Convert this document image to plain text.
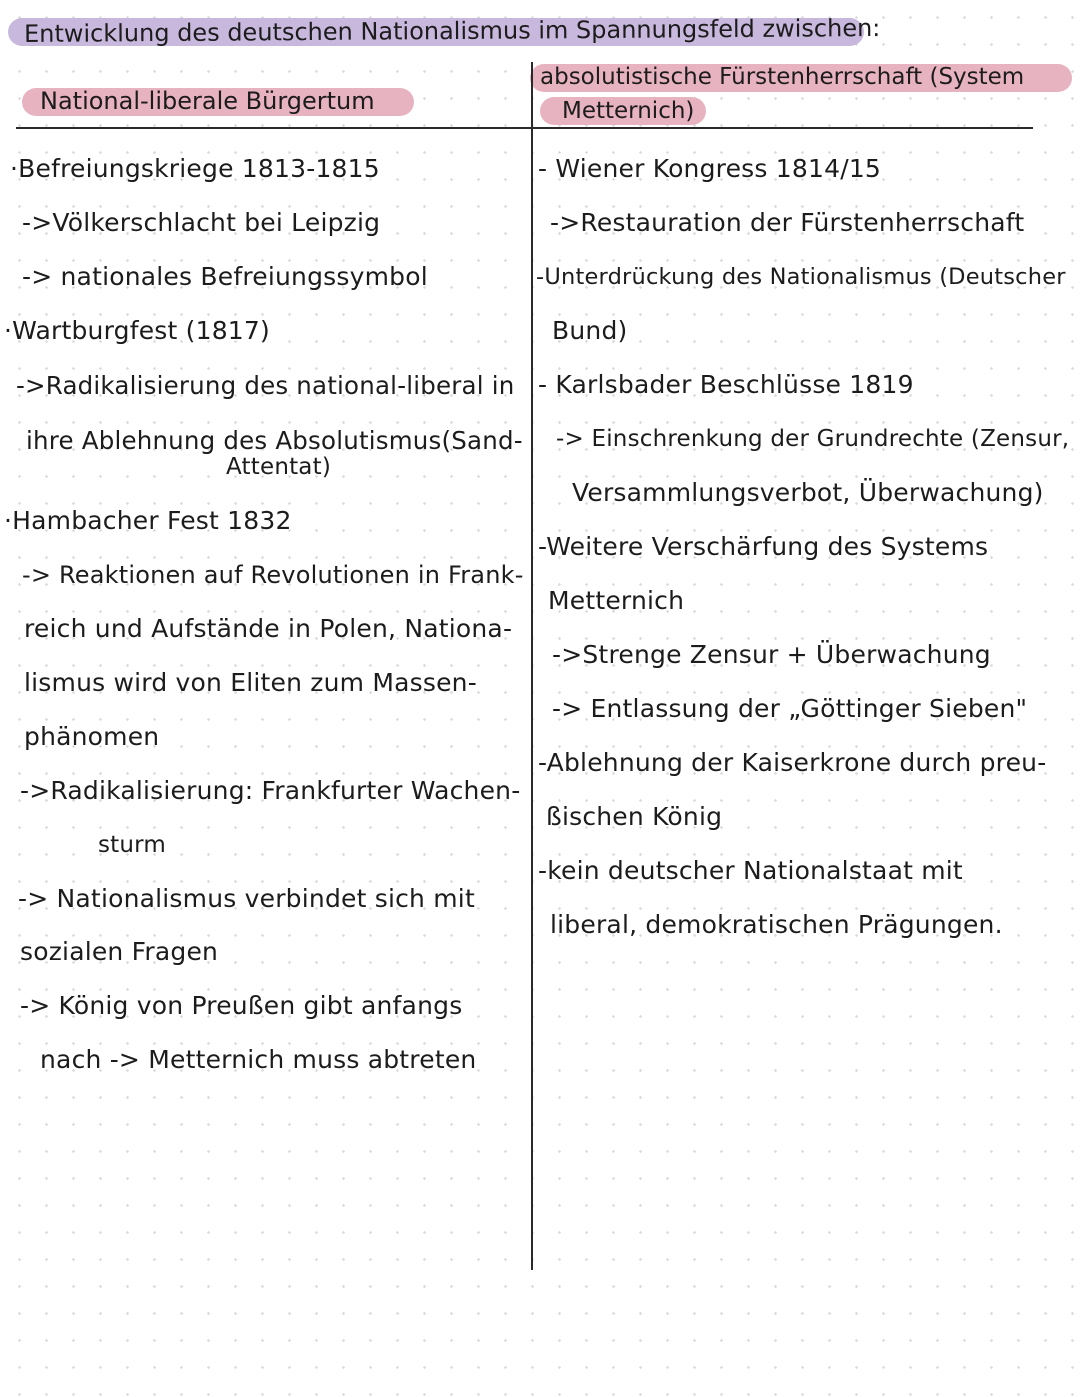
Entwicklung des deutschen Nationalismus im Spannungsfeld zwischen:
National-liberale Bürgertum
absolutistische Fürstenherrschaft (System
Metternich)
·Befreiungskriege 1813-1815
->Völkerschlacht bei Leipzig
-> nationales Befreiungssymbol
·Wartburgfest (1817)
->Radikalisierung des national-liberal in
ihre Ablehnung des Absolutismus(Sand-
Attentat)
·Hambacher Fest 1832
-> Reaktionen auf Revolutionen in Frank-
reich und Aufstände in Polen, Nationa-
lismus wird von Eliten zum Massen-
phänomen
->Radikalisierung: Frankfurter Wachen-
sturm
-> Nationalismus verbindet sich mit
sozialen Fragen
-> König von Preußen gibt anfangs
nach -> Metternich muss abtreten
- Wiener Kongress 1814/15
->Restauration der Fürstenherrschaft
-Unterdrückung des Nationalismus (Deutscher
Bund)
- Karlsbader Beschlüsse 1819
-> Einschrenkung der Grundrechte (Zensur,
Versammlungsverbot, Überwachung)
-Weitere Verschärfung des Systems
Metternich
->Strenge Zensur + Überwachung
-> Entlassung der „Göttinger Sieben"
-Ablehnung der Kaiserkrone durch preu-
ßischen König
-kein deutscher Nationalstaat mit
liberal, demokratischen Prägungen.
